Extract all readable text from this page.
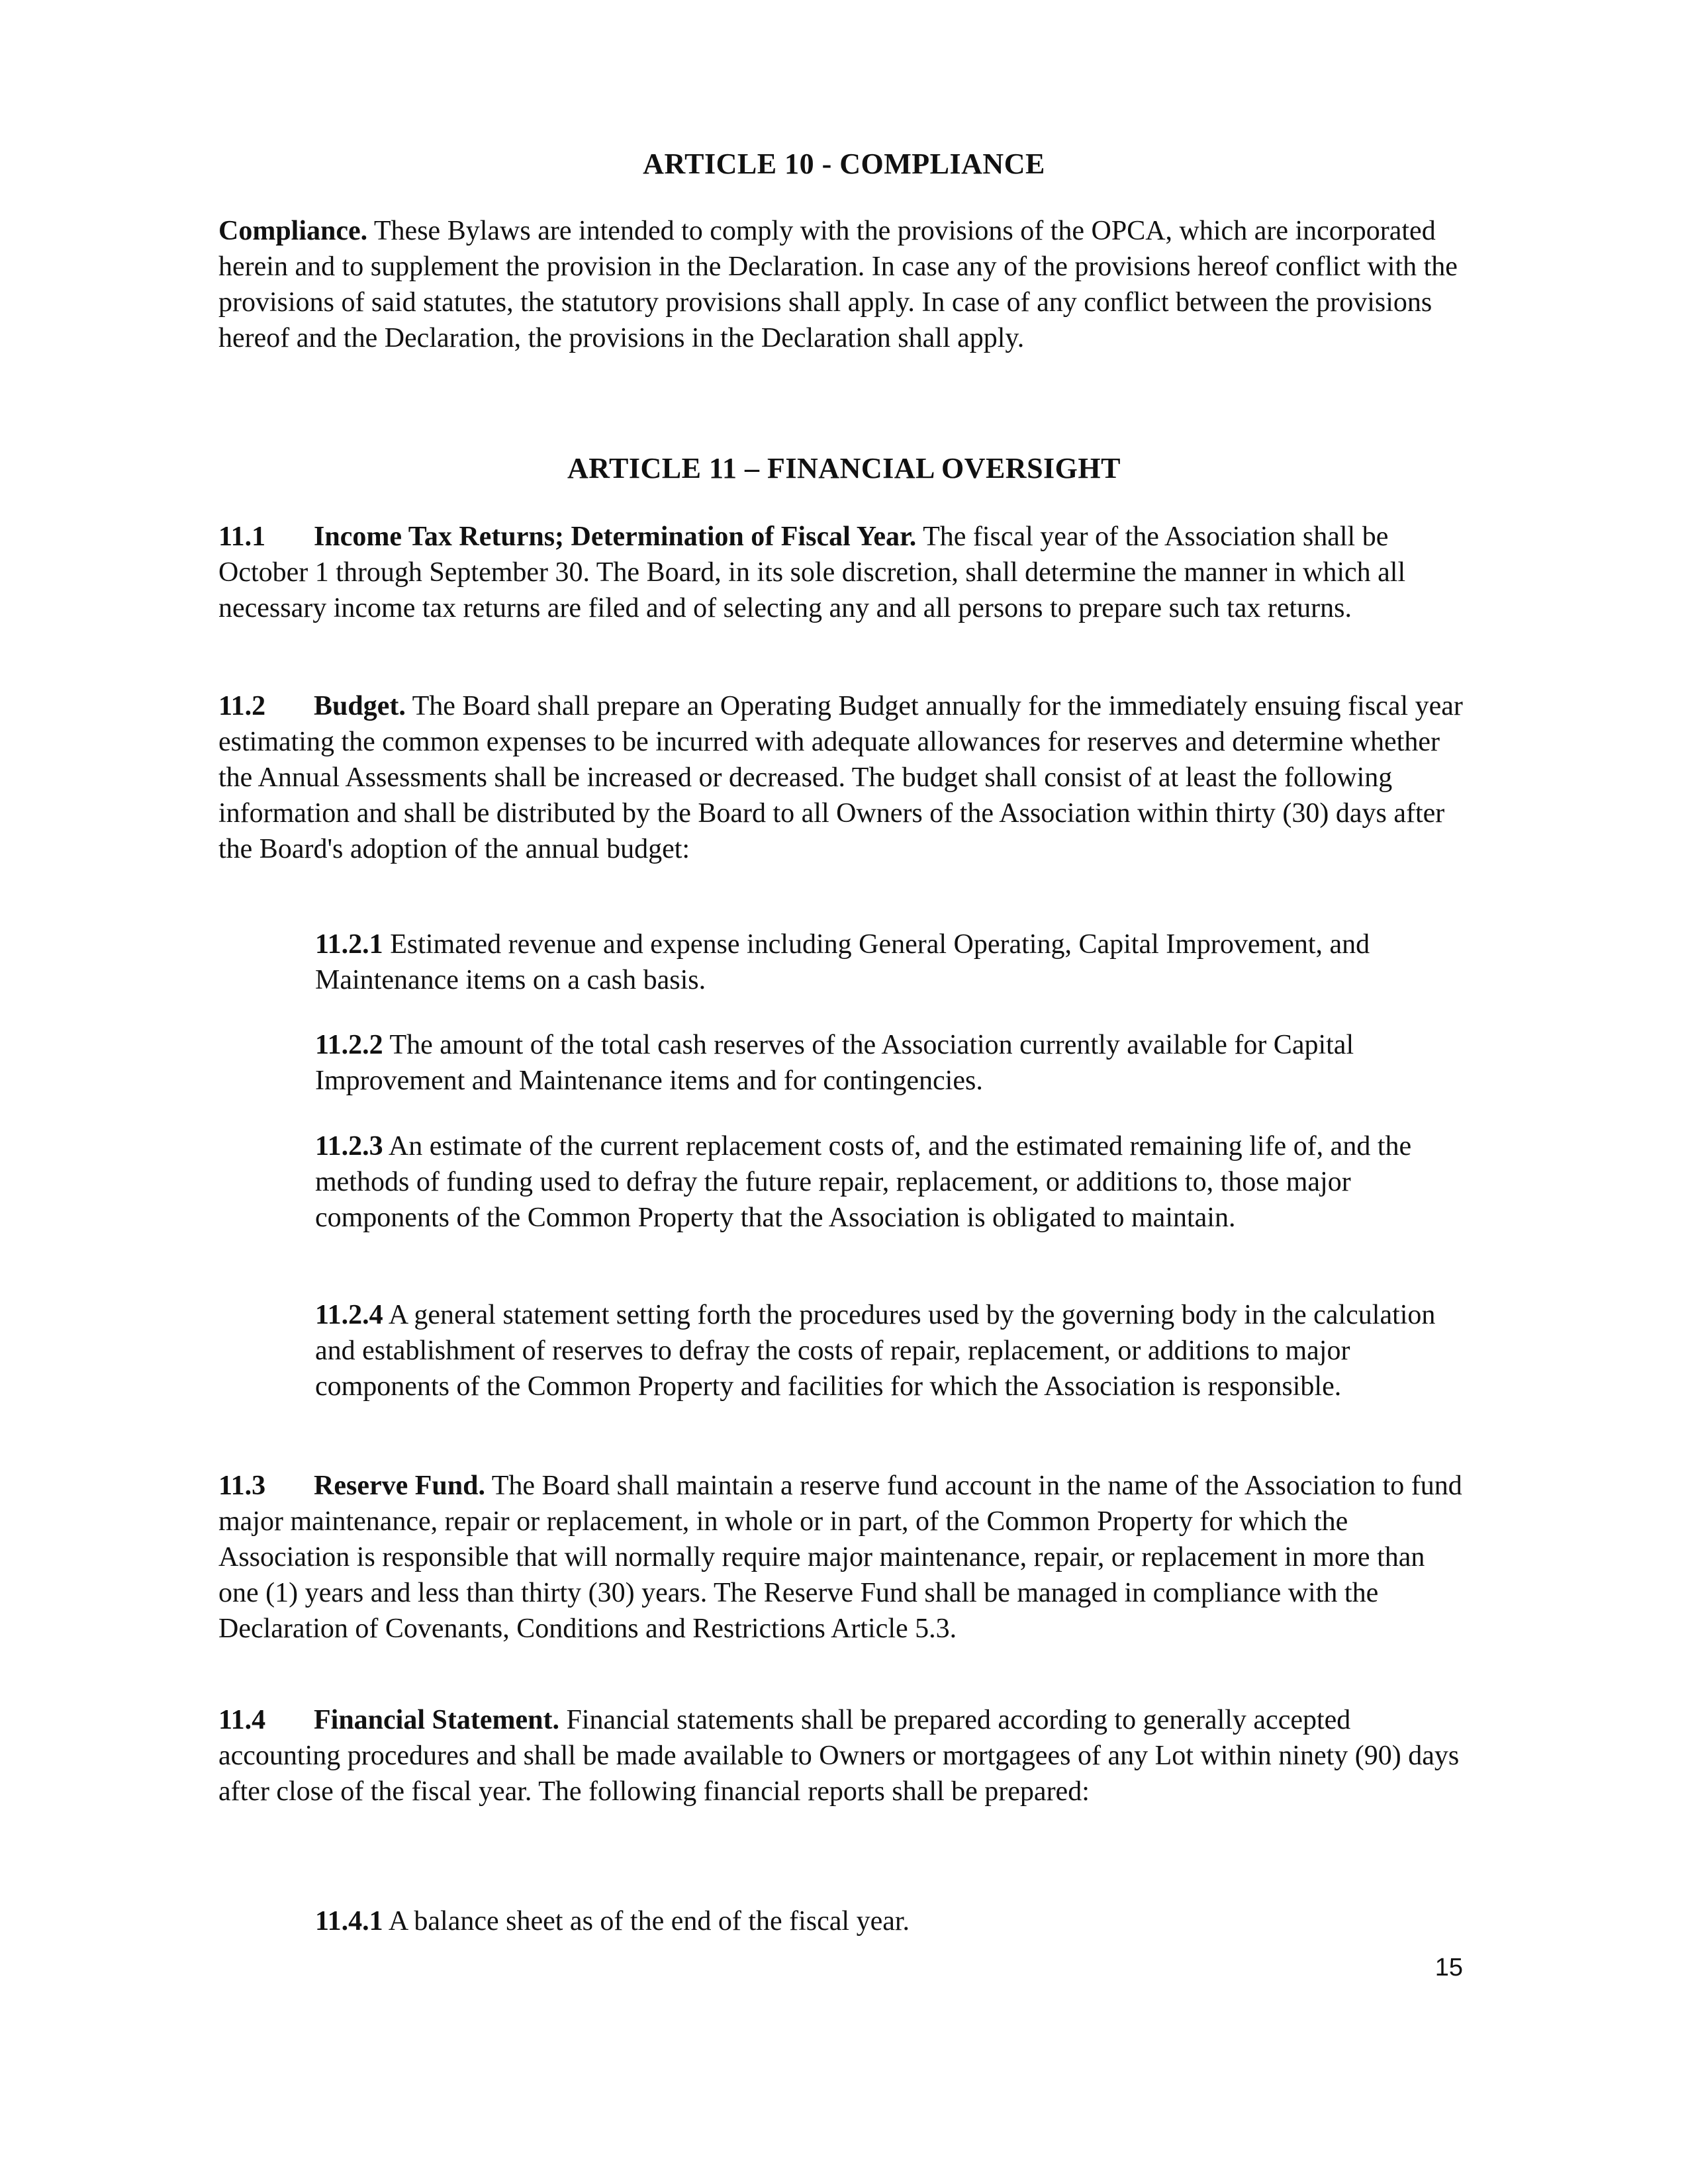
ARTICLE 10 - COMPLIANCE

Compliance. These Bylaws are intended to comply with the provisions of the OPCA, which are incorporated herein and to supplement the provision in the Declaration. In case any of the provisions hereof conflict with the provisions of said statutes, the statutory provisions shall apply. In case of any conflict between the provisions hereof and the Declaration, the provisions in the Declaration shall apply.

ARTICLE 11 – FINANCIAL OVERSIGHT

11.1 Income Tax Returns; Determination of Fiscal Year. The fiscal year of the Association shall be October 1 through September 30. The Board, in its sole discretion, shall determine the manner in which all necessary income tax returns are filed and of selecting any and all persons to prepare such tax returns.

11.2 Budget. The Board shall prepare an Operating Budget annually for the immediately ensuing fiscal year estimating the common expenses to be incurred with adequate allowances for reserves and determine whether the Annual Assessments shall be increased or decreased. The budget shall consist of at least the following information and shall be distributed by the Board to all Owners of the Association within thirty (30) days after the Board's adoption of the annual budget:

11.2.1 Estimated revenue and expense including General Operating, Capital Improvement, and Maintenance items on a cash basis.

11.2.2 The amount of the total cash reserves of the Association currently available for Capital Improvement and Maintenance items and for contingencies.

11.2.3 An estimate of the current replacement costs of, and the estimated remaining life of, and the methods of funding used to defray the future repair, replacement, or additions to, those major components of the Common Property that the Association is obligated to maintain.

11.2.4 A general statement setting forth the procedures used by the governing body in the calculation and establishment of reserves to defray the costs of repair, replacement, or additions to major components of the Common Property and facilities for which the Association is responsible.

11.3 Reserve Fund. The Board shall maintain a reserve fund account in the name of the Association to fund major maintenance, repair or replacement, in whole or in part, of the Common Property for which the Association is responsible that will normally require major maintenance, repair, or replacement in more than one (1) years and less than thirty (30) years. The Reserve Fund shall be managed in compliance with the Declaration of Covenants, Conditions and Restrictions Article 5.3.

11.4 Financial Statement. Financial statements shall be prepared according to generally accepted accounting procedures and shall be made available to Owners or mortgagees of any Lot within ninety (90) days after close of the fiscal year. The following financial reports shall be prepared:

11.4.1 A balance sheet as of the end of the fiscal year.

15
